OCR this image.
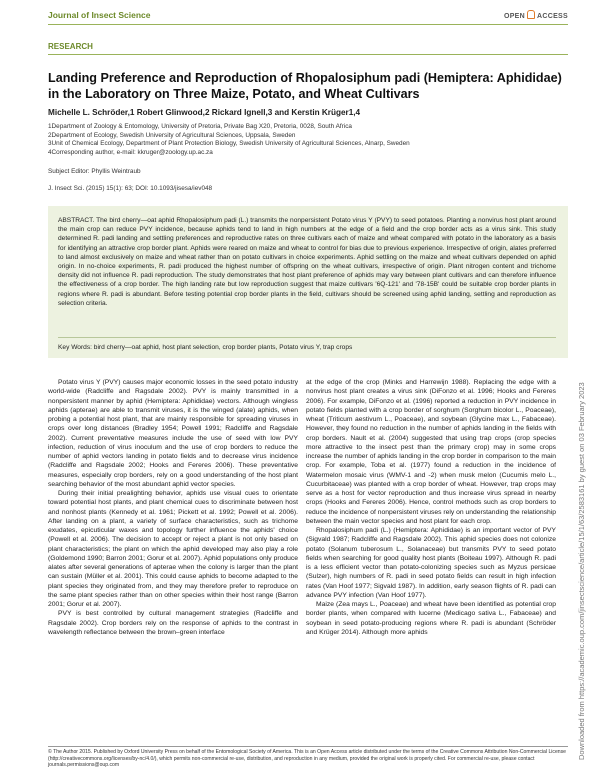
Journal of Insect Science	OPEN ACCESS
RESEARCH
Landing Preference and Reproduction of Rhopalosiphum padi (Hemiptera: Aphididae) in the Laboratory on Three Maize, Potato, and Wheat Cultivars
Michelle L. Schröder,1 Robert Glinwood,2 Rickard Ignell,3 and Kerstin Krüger1,4
1Department of Zoology & Entomology, University of Pretoria, Private Bag X20, Pretoria, 0028, South Africa
2Department of Ecology, Swedish University of Agricultural Sciences, Uppsala, Sweden
3Unit of Chemical Ecology, Department of Plant Protection Biology, Swedish University of Agricultural Sciences, Alnarp, Sweden
4Corresponding author, e-mail: kkruger@zoology.up.ac.za
Subject Editor: Phyllis Weintraub
J. Insect Sci. (2015) 15(1): 63; DOI: 10.1093/jisesa/iev048
ABSTRACT. The bird cherry—oat aphid Rhopalosiphum padi (L.) transmits the nonpersistent Potato virus Y (PVY) to seed potatoes. Planting a nonvirus host plant around the main crop can reduce PVY incidence, because aphids tend to land in high numbers at the edge of a field and the crop border acts as a virus sink. This study determined R. padi landing and settling preferences and reproductive rates on three cultivars each of maize and wheat compared with potato in the laboratory as a basis for identifying an attractive crop border plant. Aphids were reared on maize and wheat to control for bias due to previous experience. Irrespective of origin, alates preferred to land almost exclusively on maize and wheat rather than on potato cultivars in choice experiments. Aphid settling on the maize and wheat cultivars depended on aphid origin. In no-choice experiments, R. padi produced the highest number of offspring on the wheat cultivars, irrespective of origin. Plant nitrogen content and trichome density did not influence R. padi reproduction. The study demonstrates that host plant preference of aphids may vary between plant cultivars and can therefore influence the effectiveness of a crop border. The high landing rate but low reproduction suggest that maize cultivars '6Q-121' and '78-15B' could be suitable crop border plants in regions where R. padi is abundant. Before testing potential crop border plants in the field, cultivars should be screened using aphid landing, settling and reproduction as selection criteria.
Key Words: bird cherry—oat aphid, host plant selection, crop border plants, Potato virus Y, trap crops

Potato virus Y (PVY) causes major economic losses in the seed potato industry world-wide (Radcliffe and Ragsdale 2002). PVY is mainly transmitted in a nonpersistent manner by aphid (Hemiptera: Aphididae) vectors. Although wingless aphids (apterae) are able to transmit viruses, it is the winged (alate) aphids, when probing a potential host plant, that are mainly responsible for spreading viruses in crops over long distances (Bradley 1954; Powell 1991; Radcliffe and Ragsdale 2002). Current preventative measures include the use of seed with low PVY infection, reduction of virus inoculum and the use of crop borders to reduce the number of aphid vectors landing in potato fields and to decrease virus incidence (Radcliffe and Ragsdale 2002; Hooks and Fereres 2006). These preventative measures, especially crop borders, rely on a good understanding of the host plant searching behavior of the most abundant aphid vector species.

During their initial prealighting behavior, aphids use visual cues to orientate toward potential host plants, and plant chemical cues to discriminate between host and nonhost plants (Kennedy et al. 1961; Pickett et al. 1992; Powell et al. 2006). After landing on a plant, a variety of surface characteristics, such as trichome exudates, epicuticular waxes and topology further influence the aphids' choice (Powell et al. 2006). The decision to accept or reject a plant is not only based on plant characteristics; the plant on which the aphid developed may also play a role (Goldemond 1990; Barron 2001; Gorur et al. 2007). Aphid populations only produce alates after several generations of apterae when the colony is larger than the plant can sustain (Müller et al. 2001). This could cause aphids to become adapted to the plant species they originated from, and they may therefore prefer to reproduce on the same plant species rather than on other species within their host range (Barron 2001; Gorur et al. 2007).

PVY is best controlled by cultural management strategies (Radcliffe and Ragsdale 2002). Crop borders rely on the response of aphids to the contrast in wavelength reflectance between the brown–green interface

at the edge of the crop (Minks and Harrewijn 1988). Replacing the edge with a nonvirus host plant creates a virus sink (DiFonzo et al. 1996; Hooks and Fereres 2006). For example, DiFonzo et al. (1996) reported a reduction in PVY incidence in potato fields planted with a crop border of sorghum (Sorghum bicolor L., Poaceae), wheat (Triticum aestivum L., Poaceae), and soybean (Glycine max L., Fabaceae). However, they found no reduction in the number of aphids landing in the fields with crop borders. Nault et al. (2004) suggested that using trap crops (crop species more attractive to the insect pest than the primary crop) may in some crops increase the number of aphids landing in the crop border in comparison to the main crop. For example, Toba et al. (1977) found a reduction in the incidence of Watermelon mosaic virus (WMV-1 and -2) when musk melon (Cucumis melo L., Cucurbitaceae) was planted with a crop border of wheat. However, trap crops may serve as a host for vector reproduction and thus increase virus spread in nearby crops (Hooks and Fereres 2006). Hence, control methods such as crop borders to reduce the incidence of nonpersistent viruses rely on understanding the relationship between the main vector species and host plant for each crop.

Rhopalosiphum padi (L.) (Hemiptera: Aphididae) is an important vector of PVY (Sigvald 1987; Radcliffe and Ragsdale 2002). This aphid species does not colonize potato (Solanum tuberosum L., Solanaceae) but transmits PVY to seed potato fields when searching for good quality host plants (Boiteau 1997). Although R. padi is a less efficient vector than potato-colonizing species such as Myzus persicae (Sulzer), high numbers of R. padi in seed potato fields can result in high infection rates (Van Hoof 1977; Sigvald 1987). In addition, early season flights of R. padi can advance PVY infection (Van Hoof 1977).

Maize (Zea mays L., Poaceae) and wheat have been identified as potential crop border plants, when compared with lucerne (Medicago sativa L., Fabaceae) and soybean in seed potato-producing regions where R. padi is abundant (Schröder and Krüger 2014). Although more aphids

© The Author 2015. Published by Oxford University Press on behalf of the Entomological Society of America. This is an Open Access article distributed under the terms of the Creative Commons Attribution Non-Commercial License (http://creativecommons.org/licenses/by-nc/4.0/), which permits non-commercial re-use, distribution, and reproduction in any medium, provided the original work is properly cited. For commercial re-use, please contact journals.permissions@oup.com
Downloaded from https://academic.oup.com/jinsectscience/article/15/1/63/2583161 by guest on 03 February 2023
